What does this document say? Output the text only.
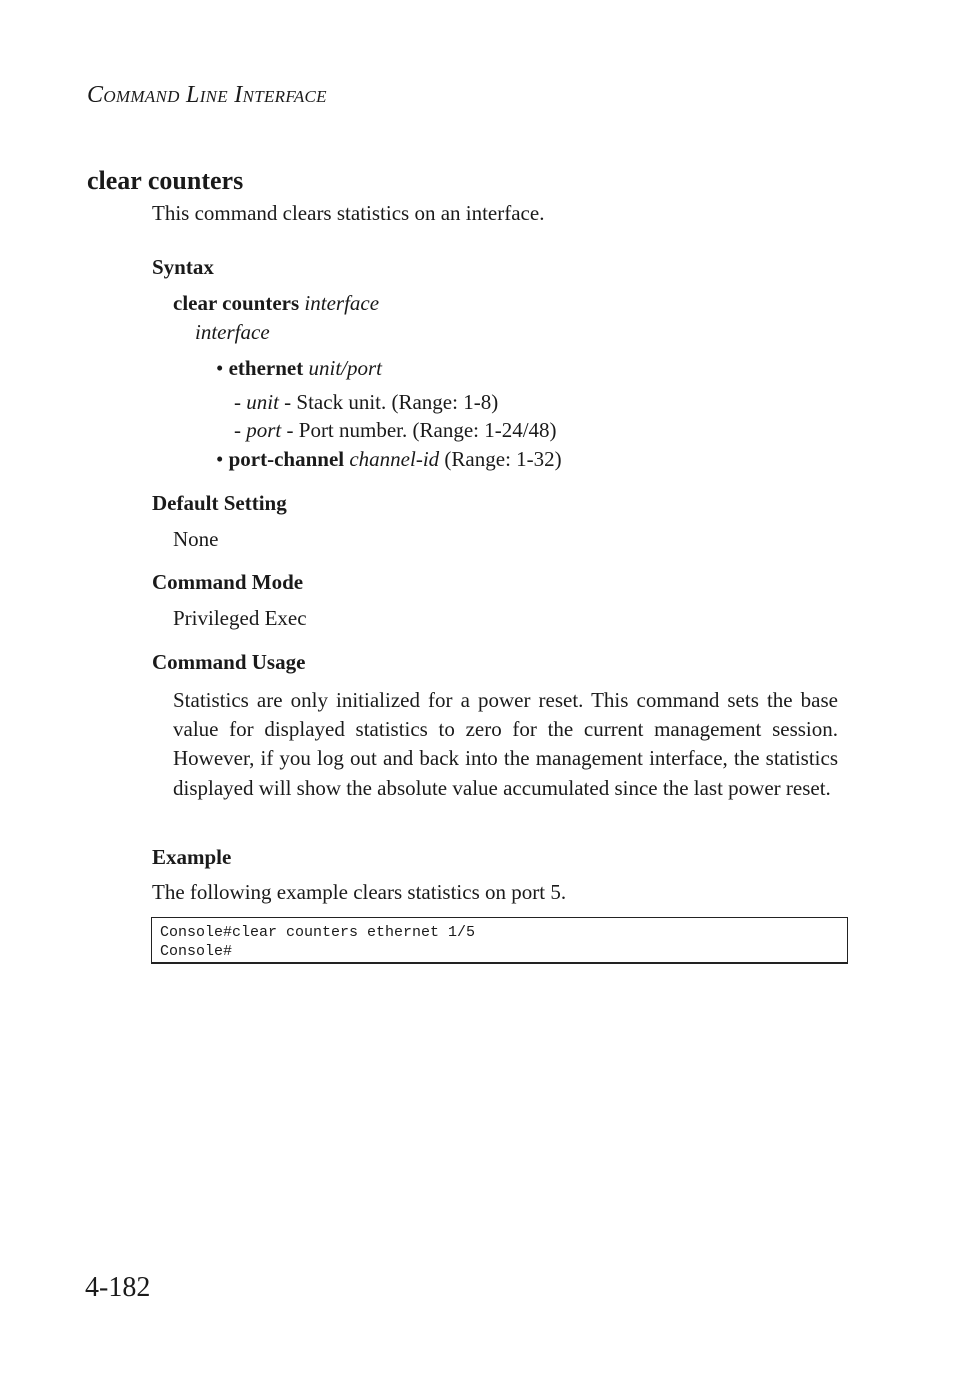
COMMAND LINE INTERFACE
clear counters
This command clears statistics on an interface.
Syntax
clear counters interface
interface
• ethernet unit/port
- unit - Stack unit. (Range: 1-8)
- port - Port number. (Range: 1-24/48)
• port-channel channel-id (Range: 1-32)
Default Setting
None
Command Mode
Privileged Exec
Command Usage
Statistics are only initialized for a power reset. This command sets the base value for displayed statistics to zero for the current management session. However, if you log out and back into the management interface, the statistics displayed will show the absolute value accumulated since the last power reset.
Example
The following example clears statistics on port 5.
Console#clear counters ethernet 1/5
Console#
4-182
